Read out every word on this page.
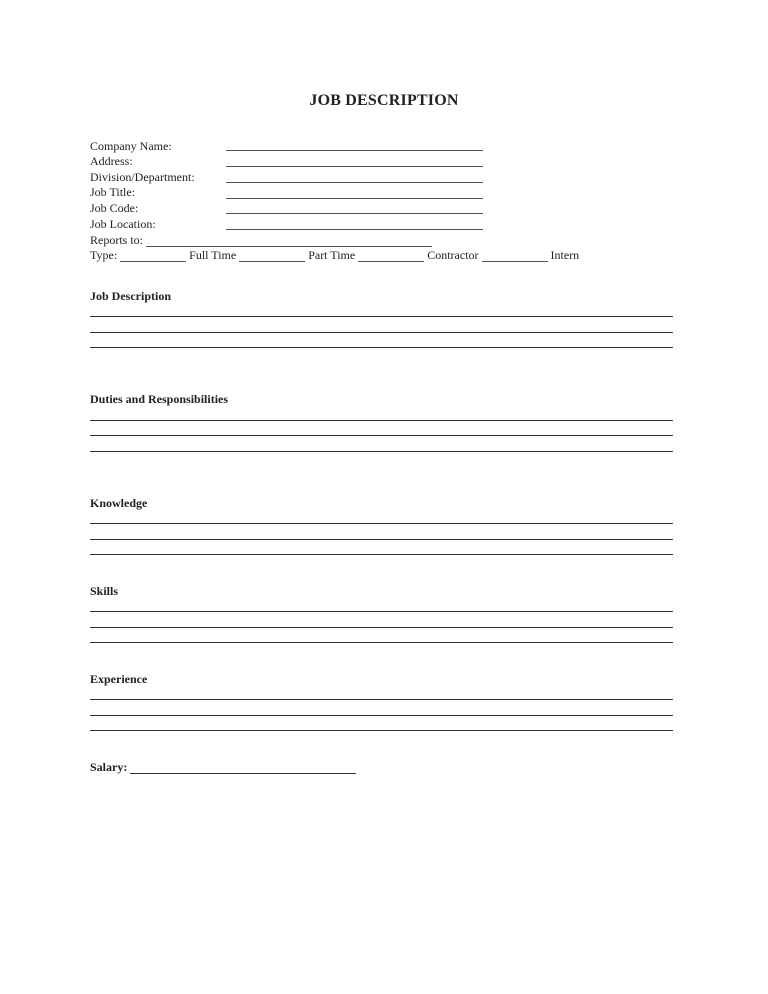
JOB DESCRIPTION
Company Name:
Address:
Division/Department:
Job Title:
Job Code:
Job Location:
Reports to:
Type:	Full Time	Part Time	Contractor	Intern
Job Description
Duties and Responsibilities
Knowledge
Skills
Experience
Salary:
